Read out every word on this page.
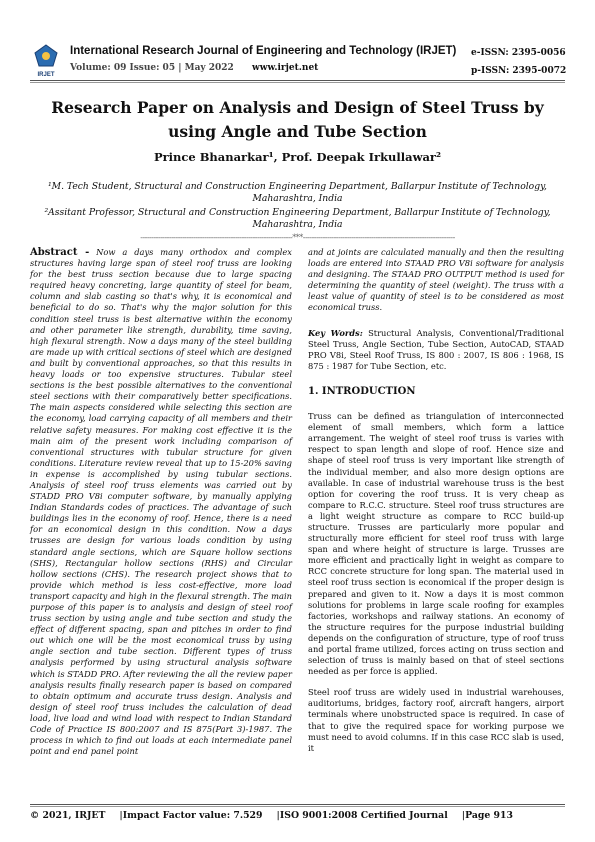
IRJET
International Research Journal of Engineering and Technology (IRJET)
Volume: 09 Issue: 05 | May 2022 www.irjet.net
e-ISSN: 2395-0056
p-ISSN: 2395-0072
Research Paper on Analysis and Design of Steel Truss by using Angle and Tube Section
Prince Bhanarkar¹, Prof. Deepak Irkullawar²
¹M. Tech Student, Structural and Construction Engineering Department, Ballarpur Institute of Technology, Maharashtra, India
²Assitant Professor, Structural and Construction Engineering Department, Ballarpur Institute of Technology, Maharashtra, India
---------------------------------------------------------------------***---------------------------------------------------------------------
Abstract - Now a days many orthodox and complex structures having large span of steel roof truss are looking for the best truss section because due to large spacing required heavy concreting, large quantity of steel for beam, column and slab casting so that's why, it is economical and beneficial to do so. That's why the major solution for this condition steel truss is best alternative within the economy and other parameter like strength, durability, time saving, high flexural strength. Now a days many of the steel building are made up with critical sections of steel which are designed and built by conventional approaches, so that this results in heavy loads or too expensive structures. Tubular steel sections is the best possible alternatives to the conventional steel sections with their comparatively better specifications. The main aspects considered while selecting this section are the economy, load carrying capacity of all members and their relative safety measures. For making cost effective it is the main aim of the present work including comparison of conventional structures with tubular structure for given conditions. Literature review reveal that up to 15-20% saving in expense is accomplished by using tubular sections. Analysis of steel roof truss elements was carried out by STADD PRO V8i computer software, by manually applying Indian Standards codes of practices. The advantage of such buildings lies in the economy of roof. Hence, there is a need for an economical design in this condition. Now a days trusses are design for various loads condition by using standard angle sections, which are Square hollow sections (SHS), Rectangular hollow sections (RHS) and Circular hollow sections (CHS). The research project shows that to provide which method is less cost-effective, more load transport capacity and high in the flexural strength. The main purpose of this paper is to analysis and design of steel roof truss section by using angle and tube section and study the effect of different spacing, span and pitches in order to find out which one will be the most economical truss by using angle section and tube section. Different types of truss analysis performed by using structural analysis software which is STADD PRO. After reviewing the all the review paper analysis results finally research paper is based on compared to obtain optimum and accurate truss design. Analysis and design of steel roof truss includes the calculation of dead load, live load and wind load with respect to Indian Standard Code of Practice IS 800:2007 and IS 875(Part 3)-1987. The process in which to find out loads at each intermediate panel point and end panel point

and at joints are calculated manually and then the resulting loads are entered into STAAD PRO V8i software for analysis and designing. The STAAD PRO OUTPUT method is used for determining the quantity of steel (weight). The truss with a least value of quantity of steel is to be considered as most economical truss.

Key Words: Structural Analysis, Conventional/Traditional Steel Truss, Angle Section, Tube Section, AutoCAD, STAAD PRO V8i, Steel Roof Truss, IS 800 : 2007, IS 806 : 1968, IS 875 : 1987 for Tube Section, etc.

1. INTRODUCTION

Truss can be defined as triangulation of interconnected element of small members, which form a lattice arrangement. The weight of steel roof truss is varies with respect to span length and slope of roof. Hence size and shape of steel roof truss is very important like strength of the individual member, and also more design options are available. In case of industrial warehouse truss is the best option for covering the roof truss. It is very cheap as compare to R.C.C. structure. Steel roof truss structures are a light weight structure as compare to RCC build-up structure. Trusses are particularly more popular and structurally more efficient for steel roof truss with large span and where height of structure is large. Trusses are more efficient and practically light in weight as compare to RCC concrete structure for long span. The material used in steel roof truss section is economical if the proper design is prepared and given to it. Now a days it is most common solutions for problems in large scale roofing for examples factories, workshops and railway stations. An economy of the structure requires for the purpose industrial building depends on the configuration of structure, type of roof truss and portal frame utilized, forces acting on truss section and selection of truss is mainly based on that of steel sections needed as per force is applied.

Steel roof truss are widely used in industrial warehouses, auditoriums, bridges, factory roof, aircraft hangers, airport terminals where unobstructed space is required. In case of that to give the required space for working purpose we must need to avoid columns. If in this case RCC slab is used, it

© 2021, IRJET |Impact Factor value: 7.529 |ISO 9001:2008 Certified Journal |Page 913
